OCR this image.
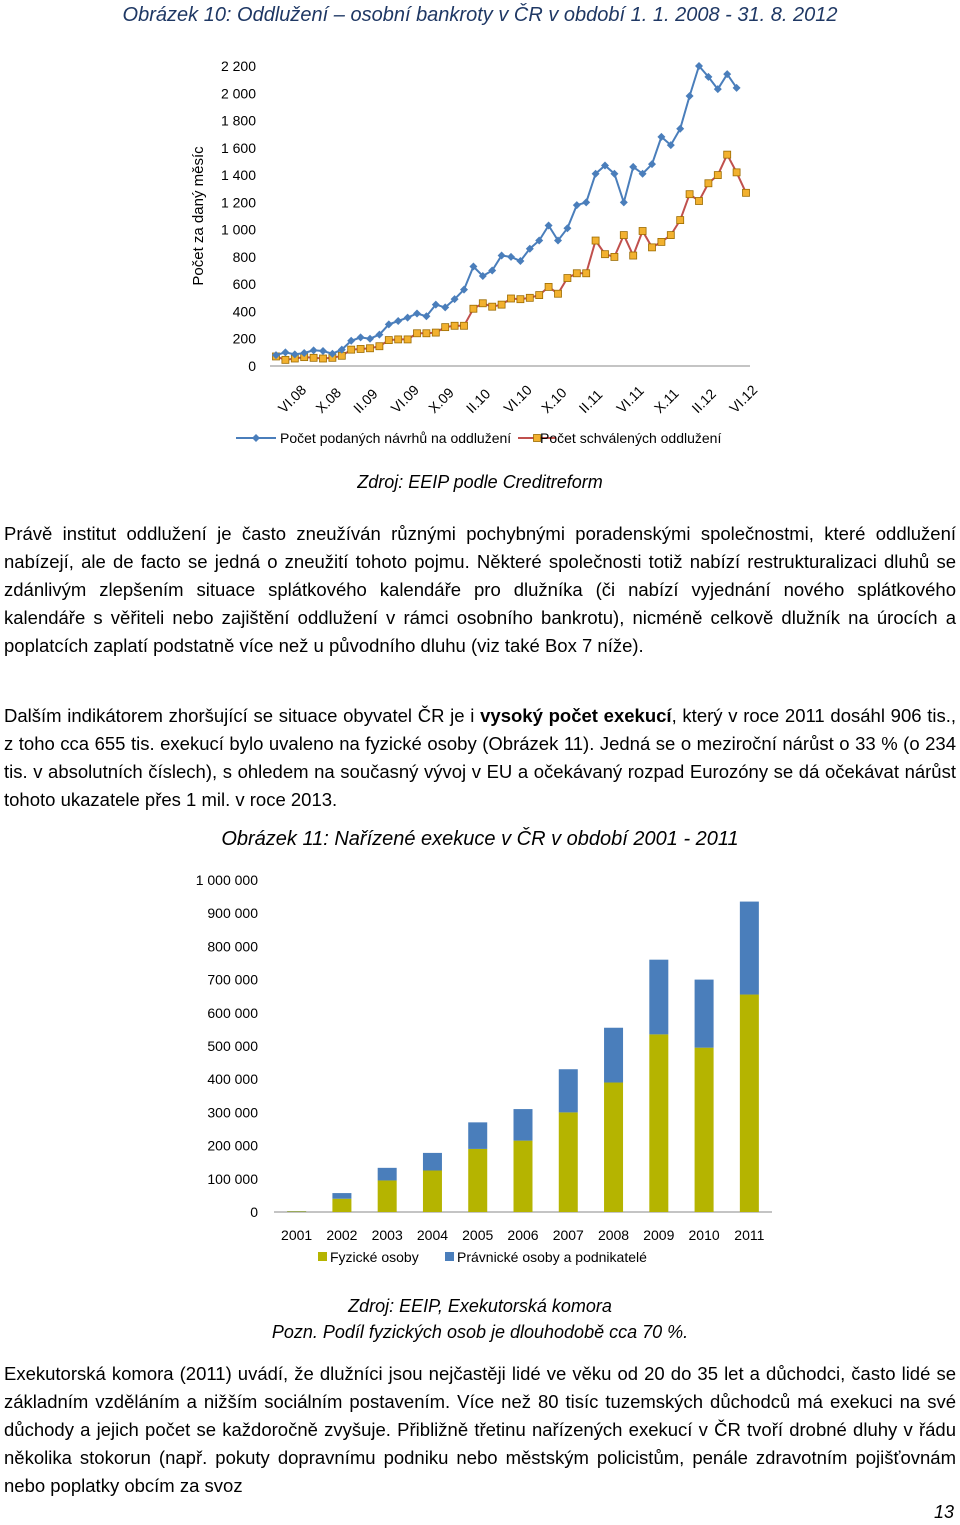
Obrázek 10: Oddlužení – osobní bankroty v ČR v období 1. 1. 2008 - 31. 8. 2012
Počet za daný měsíc
0
200
400
600
800
1 000
1 200
1 400
1 600
1 800
2 000
2 200
VI.08 X.08 II.09 VI.09 X.09 II.10 VI.10 X.10 II.11 VI.11 X.11 II.12 VI.12
Počet podaných návrhů na oddlužení Počet schválených oddlužení
Zdroj: EEIP podle Creditreform
Právě institut oddlužení je často zneužíván různými pochybnými poradenskými společnostmi, které oddlužení nabízejí, ale de facto se jedná o zneužití tohoto pojmu. Některé společnosti totiž nabízí restrukturalizaci dluhů se zdánlivým zlepšením situace splátkového kalendáře pro dlužníka (či nabízí vyjednání nového splátkového kalendáře s věřiteli nebo zajištění oddlužení v rámci osobního bankrotu), nicméně celkově dlužník na úrocích a poplatcích zaplatí podstatně více než u původního dluhu (viz také Box 7 níže).
Dalším indikátorem zhoršující se situace obyvatel ČR je i vysoký počet exekucí, který v roce 2011 dosáhl 906 tis., z toho cca 655 tis. exekucí bylo uvaleno na fyzické osoby (Obrázek 11). Jedná se o meziroční nárůst o 33 % (o 234 tis. v absolutních číslech), s ohledem na současný vývoj v EU a očekávaný rozpad Eurozóny se dá očekávat nárůst tohoto ukazatele přes 1 mil. v roce 2013.
Obrázek 11: Nařízené exekuce v ČR v období 2001 - 2011
0
100 000
200 000
300 000
400 000
500 000
600 000
700 000
800 000
900 000
1 000 000
2001 2002 2003 2004 2005 2006 2007 2008 2009 2010 2011
Fyzické osoby	Právnické osoby a podnikatelé
Zdroj: EEIP, Exekutorská komora
Pozn. Podíl fyzických osob je dlouhodobě cca 70 %.
Exekutorská komora (2011) uvádí, že dlužníci jsou nejčastěji lidé ve věku od 20 do 35 let a důchodci, často lidé se základním vzděláním a nižším sociálním postavením. Více než 80 tisíc tuzemských důchodců má exekuci na své důchody a jejich počet se každoročně zvyšuje. Přibližně třetinu nařízených exekucí v ČR tvoří drobné dluhy v řádu několika stokorun (např. pokuty dopravnímu podniku nebo městským policistům, penále zdravotním pojišťovnám nebo poplatky obcím za svoz
13
